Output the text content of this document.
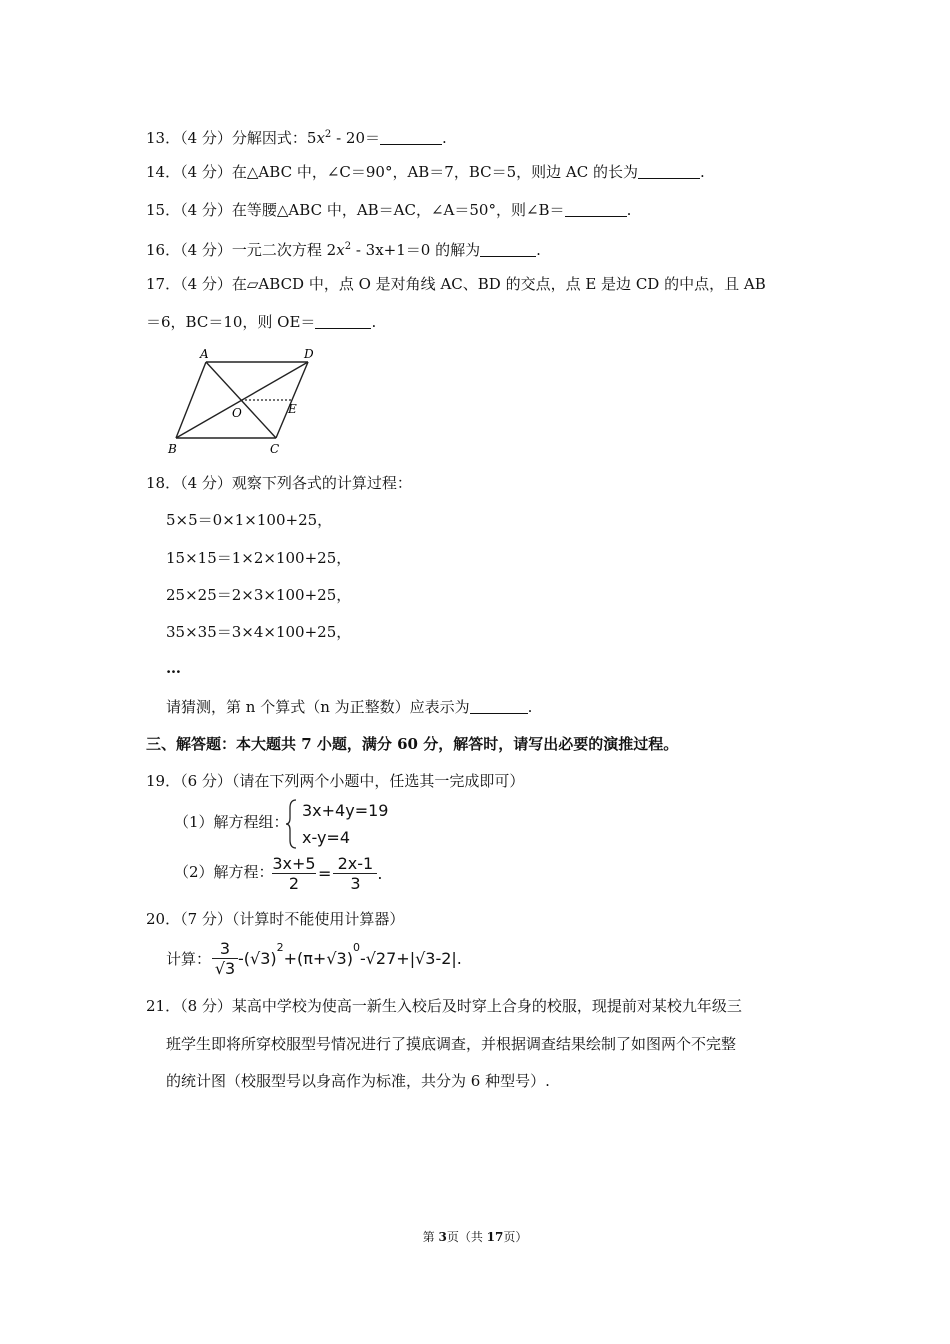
13．（4 分）分解因式：$5x^2 - 20=$	.
14．（4 分）在△ABC 中，∠C＝90°，AB＝7，BC＝5，则边 AC 的长为	.
15．（4 分）在等腰△ABC 中，AB＝AC，∠A＝50°，则∠B＝	.
16．（4 分）一元二次方程 $2x^2 - 3x+1=0$ 的解为	.
17．（4 分）在▱ABCD 中，点 O 是对角线 AC、BD 的交点，点 E 是边 CD 的中点，且 AB
＝6，BC＝10，则 OE＝	.
A	D
B	C
O	E
18．（4 分）观察下列各式的计算过程：
5×5＝0×1×100+25，
15×15＝1×2×100+25，
25×25＝2×3×100+25，
35×35＝3×4×100+25，
…
请猜测，第 n 个算式（n 为正整数）应表示为	.
三、解答题：本大题共 7 小题，满分 60 分，解答时，请写出必要的演推过程。
19．（6 分）（请在下列两个小题中，任选其一完成即可）
（1）解方程组：
3x+4y=19
x-y=4
（2）解方程：
$\frac{3x+5}{2} = \frac{2x-1}{3}$ .
20．（7 分）（计算时不能使用计算器）
计算：
3
√3
-(√3)
$^2$
+(π+√3)
$^0$
-√27+|√3-2|.
21．（8 分）某高中学校为使高一新生入校后及时穿上合身的校服，现提前对某校九年级三
班学生即将所穿校服型号情况进行了摸底调查，并根据调查结果绘制了如图两个不完整
的统计图（校服型号以身高作为标准，共分为 6 种型号）.
第 3页（共 17页）
